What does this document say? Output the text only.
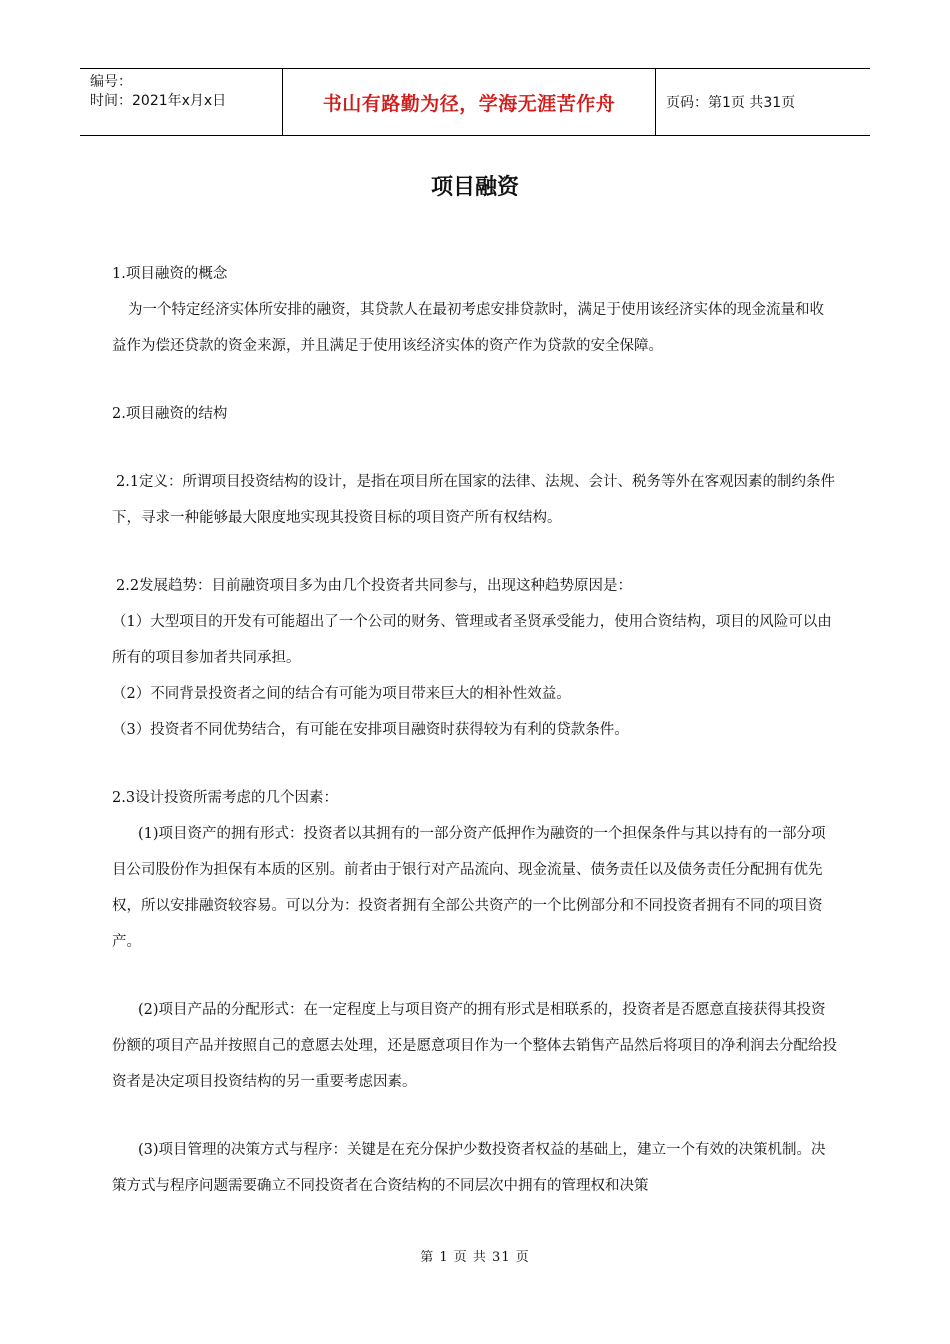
编号：
时间：2021年x月x日	书山有路勤为径，学海无涯苦作舟	页码：第1页 共31页
项目融资

1.项目融资的概念

为一个特定经济实体所安排的融资，其贷款人在最初考虑安排贷款时，满足于使用该经济实体的现金流量和收益作为偿还贷款的资金来源，并且满足于使用该经济实体的资产作为贷款的安全保障。

2.项目融资的结构

2.1定义：所谓项目投资结构的设计，是指在项目所在国家的法律、法规、会计、税务等外在客观因素的制约条件下，寻求一种能够最大限度地实现其投资目标的项目资产所有权结构。

2.2发展趋势：目前融资项目多为由几个投资者共同参与，出现这种趋势原因是：

（1）大型项目的开发有可能超出了一个公司的财务、管理或者圣贤承受能力，使用合资结构，项目的风险可以由所有的项目参加者共同承担。

（2）不同背景投资者之间的结合有可能为项目带来巨大的相补性效益。

（3）投资者不同优势结合，有可能在安排项目融资时获得较为有利的贷款条件。

2.3设计投资所需考虑的几个因素：

(1)项目资产的拥有形式：投资者以其拥有的一部分资产低押作为融资的一个担保条件与其以持有的一部分项目公司股份作为担保有本质的区别。前者由于银行对产品流向、现金流量、债务责任以及债务责任分配拥有优先权，所以安排融资较容易。可以分为：投资者拥有全部公共资产的一个比例部分和不同投资者拥有不同的项目资产。

(2)项目产品的分配形式：在一定程度上与项目资产的拥有形式是相联系的，投资者是否愿意直接获得其投资份额的项目产品并按照自己的意愿去处理，还是愿意项目作为一个整体去销售产品然后将项目的净利润去分配给投资者是决定项目投资结构的另一重要考虑因素。

(3)项目管理的决策方式与程序：关键是在充分保护少数投资者权益的基础上，建立一个有效的决策机制。决策方式与程序问题需要确立不同投资者在合资结构的不同层次中拥有的管理权和决策

第 1 页 共 31 页
